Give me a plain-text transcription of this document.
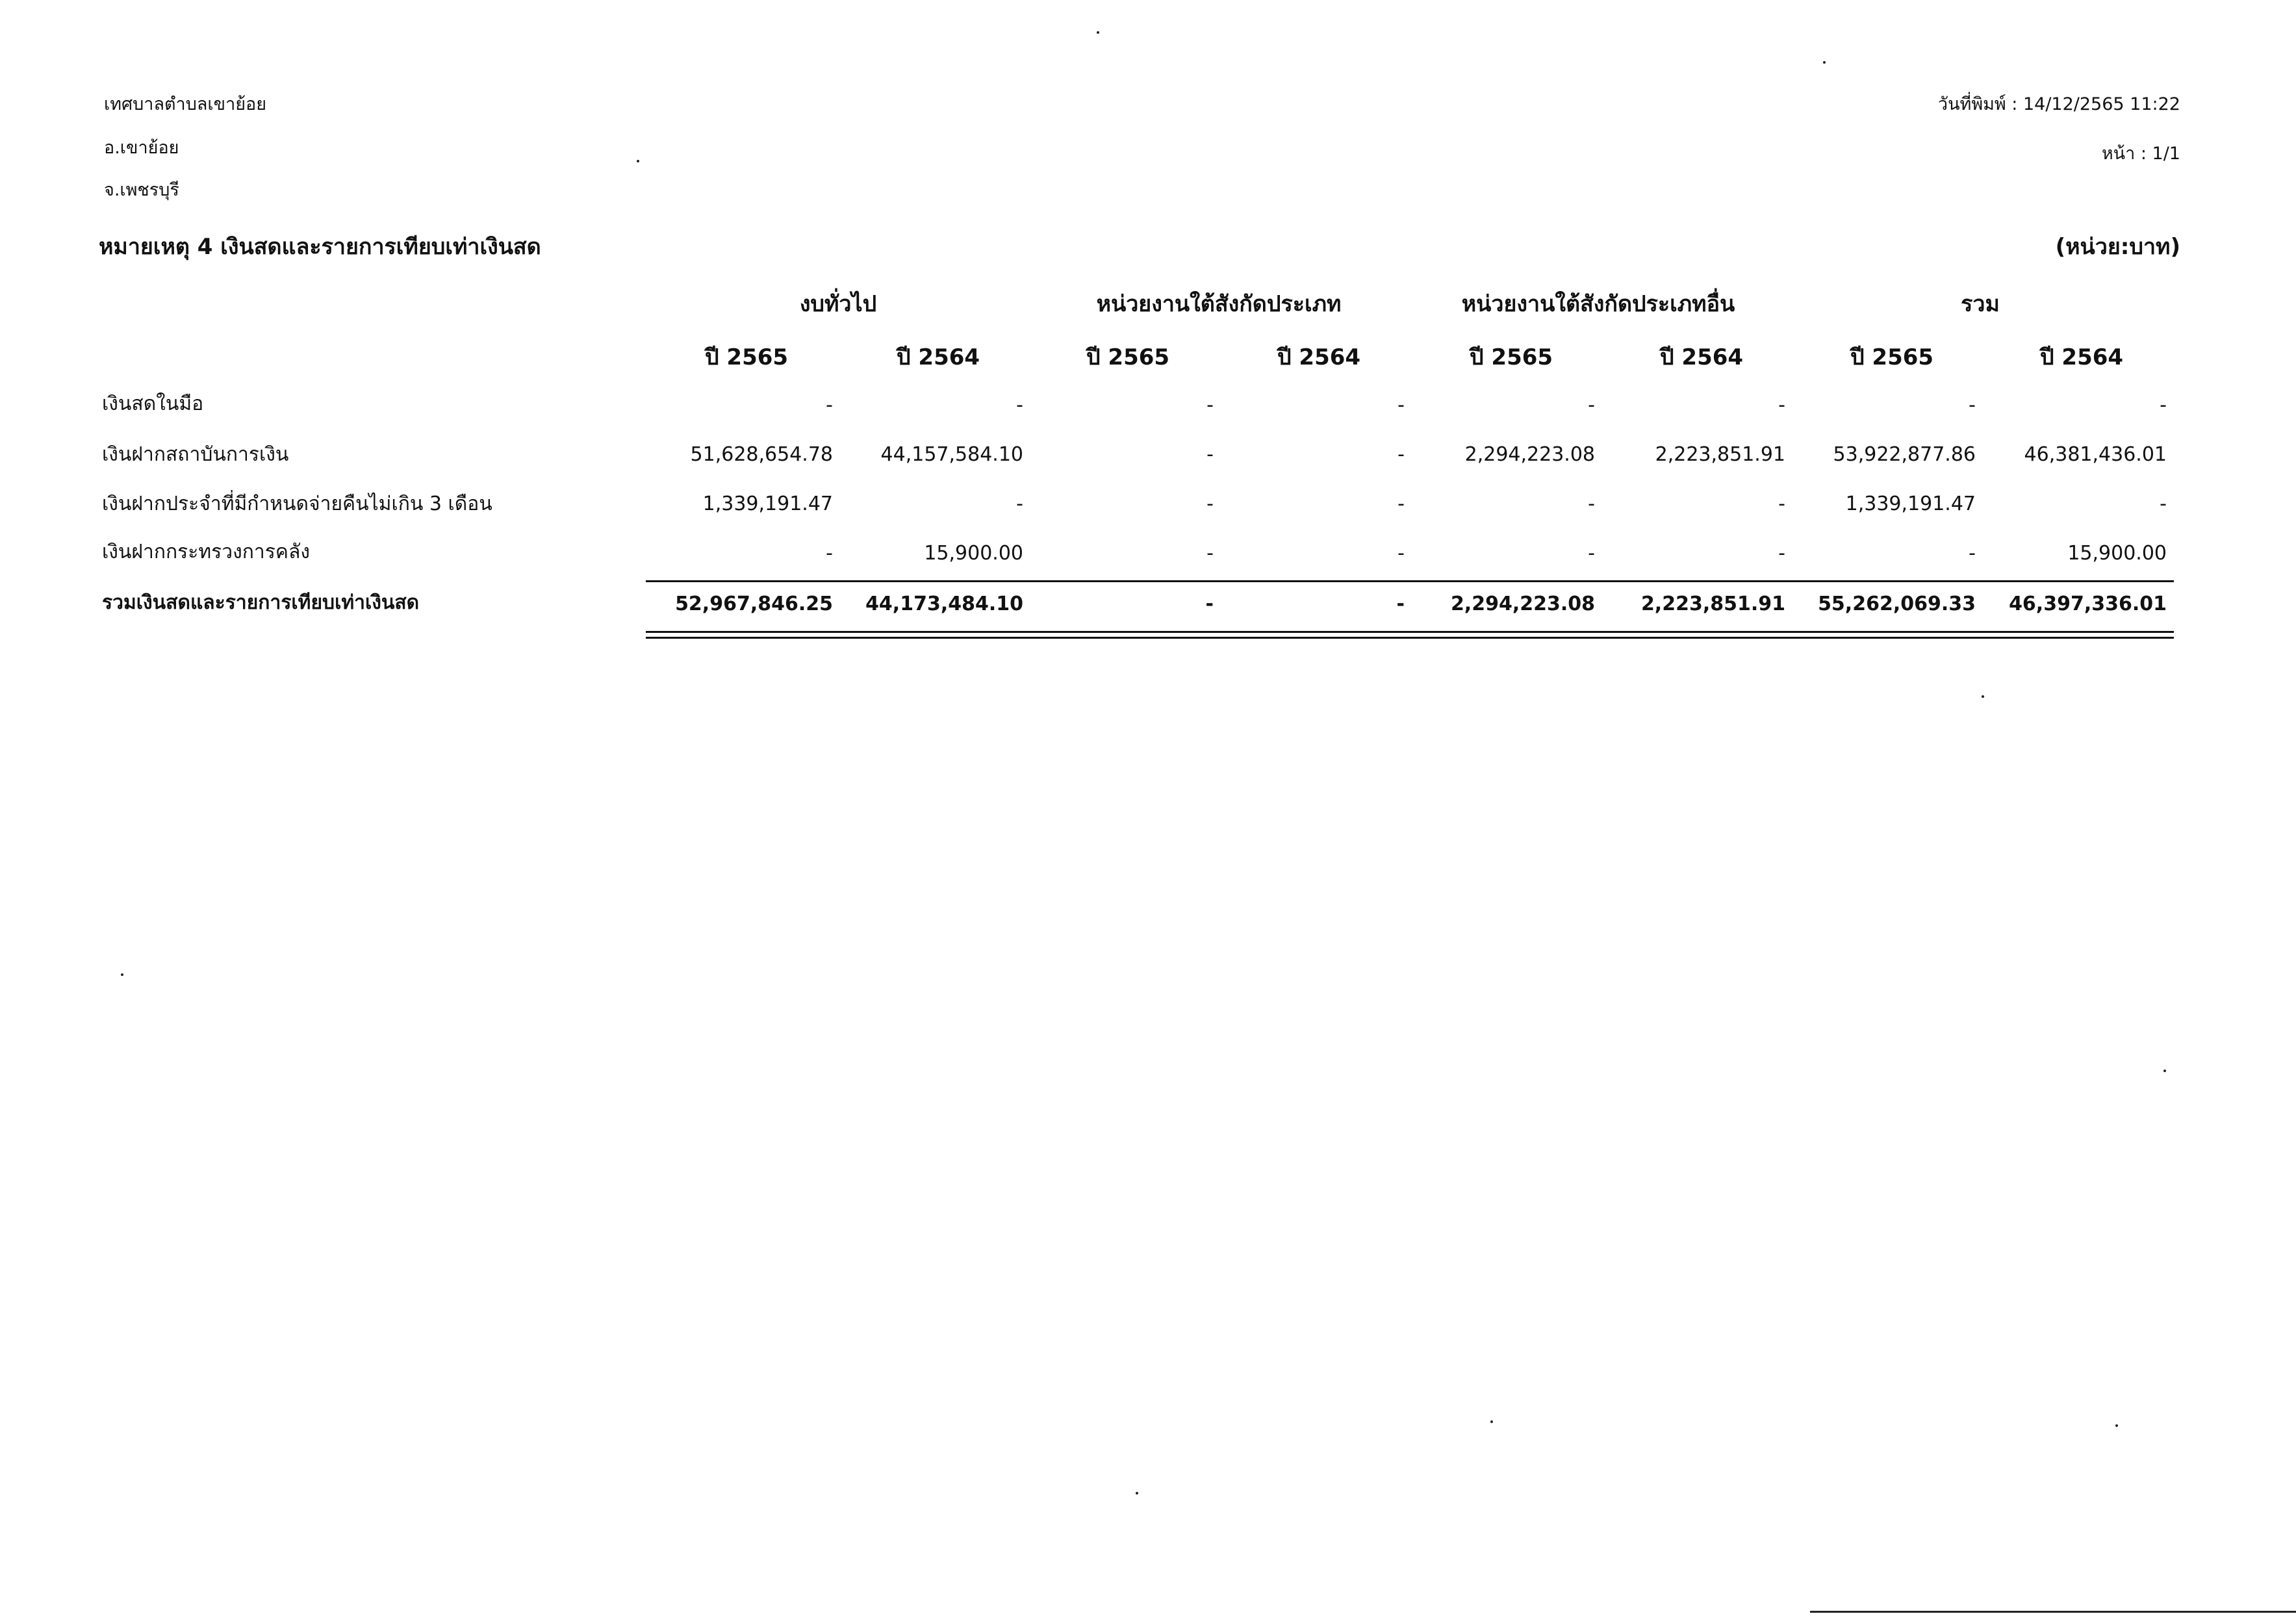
เทศบาลตำบลเขาย้อย
อ.เขาย้อย
จ.เพชรบุรี
วันที่พิมพ์ : 14/12/2565 11:22
หน้า : 1/1
หมายเหตุ 4 เงินสดและรายการเทียบเท่าเงินสด	(หน่วย:บาท)
งบทั่วไป	หน่วยงานใต้สังกัดประเภท	หน่วยงานใต้สังกัดประเภทอื่น	รวม
ปี 2565	ปี 2564	ปี 2565	ปี 2564	ปี 2565	ปี 2564	ปี 2565	ปี 2564
เงินสดในมือ	-	-	-	-	-	-	-	-
เงินฝากสถาบันการเงิน	51,628,654.78	44,157,584.10	-	-	2,294,223.08	2,223,851.91	53,922,877.86	46,381,436.01
เงินฝากประจำที่มีกำหนดจ่ายคืนไม่เกิน 3 เดือน	1,339,191.47	-	-	-	-	-	1,339,191.47	-
เงินฝากกระทรวงการคลัง	-	15,900.00	-	-	-	-	-	15,900.00
รวมเงินสดและรายการเทียบเท่าเงินสด	52,967,846.25	44,173,484.10	-	-	2,294,223.08	2,223,851.91	55,262,069.33	46,397,336.01
